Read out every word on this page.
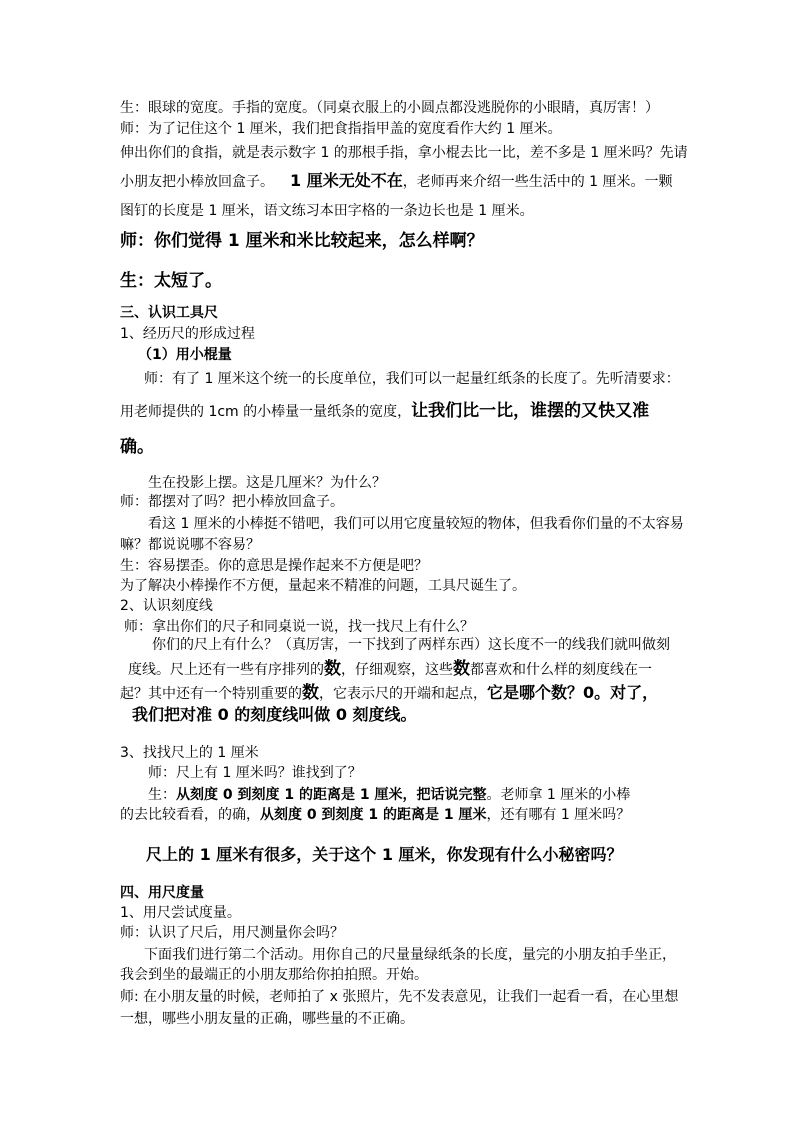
生：眼球的宽度。手指的宽度。（同桌衣服上的小圆点都没逃脱你的小眼睛，真厉害！）
师：为了记住这个 1 厘米，我们把食指指甲盖的宽度看作大约 1 厘米。
伸出你们的食指，就是表示数字 1 的那根手指，拿小棍去比一比，差不多是 1 厘米吗？先请
小朋友把小棒放回盒子。 1 厘米无处不在，老师再来介绍一些生活中的 1 厘米。一颗
图钉的长度是 1 厘米，语文练习本田字格的一条边长也是 1 厘米。
师：你们觉得 1 厘米和米比较起来，怎么样啊？
生：太短了。
三、认识工具尺
1、经历尺的形成过程
（1）用小棍量
师：有了 1 厘米这个统一的长度单位，我们可以一起量红纸条的长度了。先听清要求：
用老师提供的 1cm 的小棒量一量纸条的宽度，让我们比一比，谁摆的又快又准
确。
生在投影上摆。这是几厘米？为什么？
师：都摆对了吗？把小棒放回盒子。
看这 1 厘米的小棒挺不错吧，我们可以用它度量较短的物体，但我看你们量的不太容易
嘛？都说说哪不容易？
生：容易摆歪。你的意思是操作起来不方便是吧？
为了解决小棒操作不方便，量起来不精准的问题，工具尺诞生了。
2、认识刻度线
师：拿出你们的尺子和同桌说一说，找一找尺上有什么？
你们的尺上有什么？（真厉害，一下找到了两样东西）这长度不一的线我们就叫做刻
度线。尺上还有一些有序排列的数，仔细观察，这些数都喜欢和什么样的刻度线在一
起？其中还有一个特别重要的数，它表示尺的开端和起点，它是哪个数？0。对了，
我们把对准 0 的刻度线叫做 0 刻度线。
3、找找尺上的 1 厘米
师：尺上有 1 厘米吗？谁找到了？
生：从刻度 0 到刻度 1 的距离是 1 厘米，把话说完整。老师拿 1 厘米的小棒
的去比较看看，的确，从刻度 0 到刻度 1 的距离是 1 厘米，还有哪有 1 厘米吗？
尺上的 1 厘米有很多，关于这个 1 厘米，你发现有什么小秘密吗？
四、用尺度量
1、用尺尝试度量。
师：认识了尺后，用尺测量你会吗？
下面我们进行第二个活动。用你自己的尺量量绿纸条的长度，量完的小朋友拍手坐正，
我会到坐的最端正的小朋友那给你拍拍照。开始。
师: 在小朋友量的时候，老师拍了 x 张照片，先不发表意见，让我们一起看一看，在心里想
一想，哪些小朋友量的正确，哪些量的不正确。
